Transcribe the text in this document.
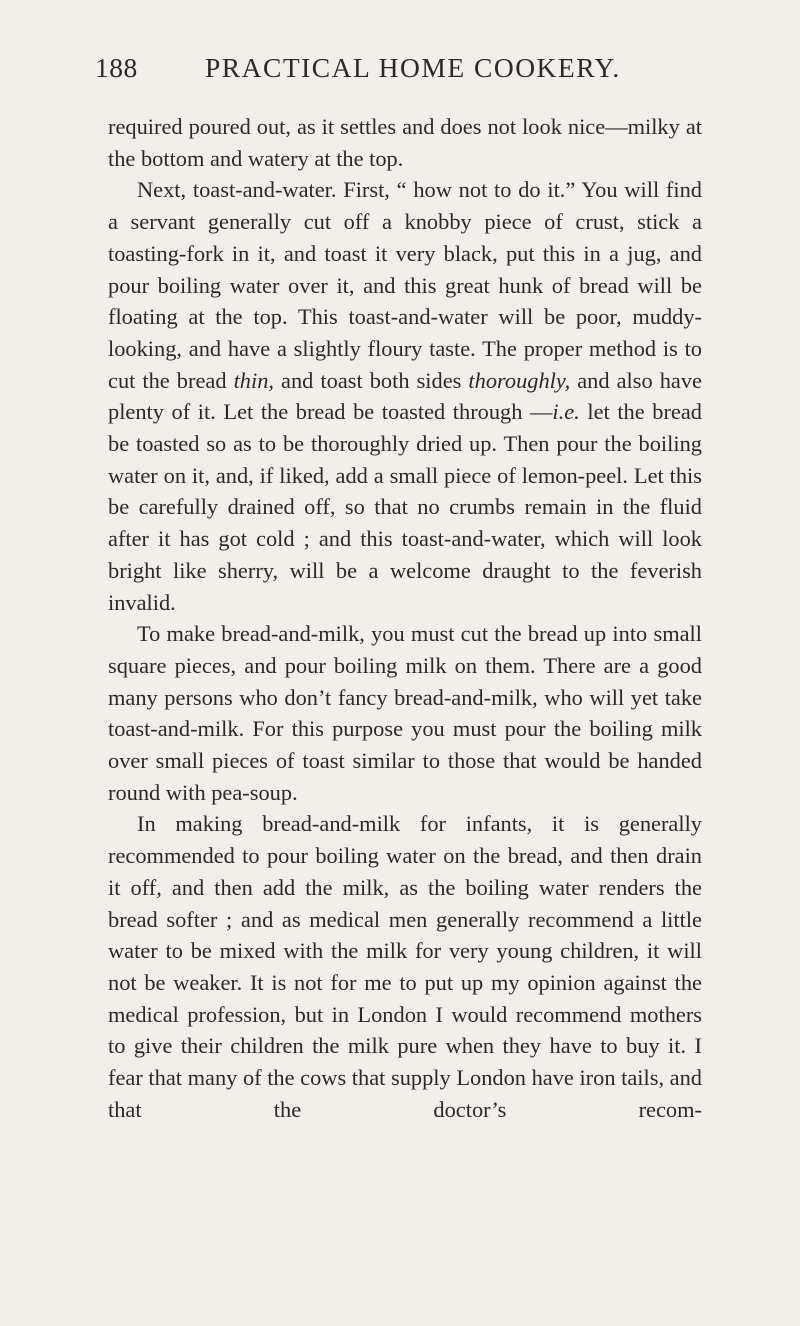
188 PRACTICAL HOME COOKERY.

required poured out, as it settles and does not look nice—milky at the bottom and watery at the top.

Next, toast-and-water. First, “ how not to do it.” You will find a servant generally cut off a knobby piece of crust, stick a toasting-fork in it, and toast it very black, put this in a jug, and pour boiling water over it, and this great hunk of bread will be floating at the top. This toast-and-water will be poor, muddy-looking, and have a slightly floury taste. The proper method is to cut the bread thin, and toast both sides thoroughly, and also have plenty of it. Let the bread be toasted through —i.e. let the bread be toasted so as to be thoroughly dried up. Then pour the boiling water on it, and, if liked, add a small piece of lemon-peel. Let this be carefully drained off, so that no crumbs remain in the fluid after it has got cold ; and this toast-and-water, which will look bright like sherry, will be a welcome draught to the feverish invalid.

To make bread-and-milk, you must cut the bread up into small square pieces, and pour boiling milk on them. There are a good many persons who don’t fancy bread-and-milk, who will yet take toast-and-milk. For this purpose you must pour the boiling milk over small pieces of toast similar to those that would be handed round with pea-soup.

In making bread-and-milk for infants, it is generally recommended to pour boiling water on the bread, and then drain it off, and then add the milk, as the boiling water renders the bread softer ; and as medical men generally recommend a little water to be mixed with the milk for very young children, it will not be weaker. It is not for me to put up my opinion against the medical profession, but in London I would recommend mothers to give their children the milk pure when they have to buy it. I fear that many of the cows that supply London have iron tails, and that the doctor’s recom-
